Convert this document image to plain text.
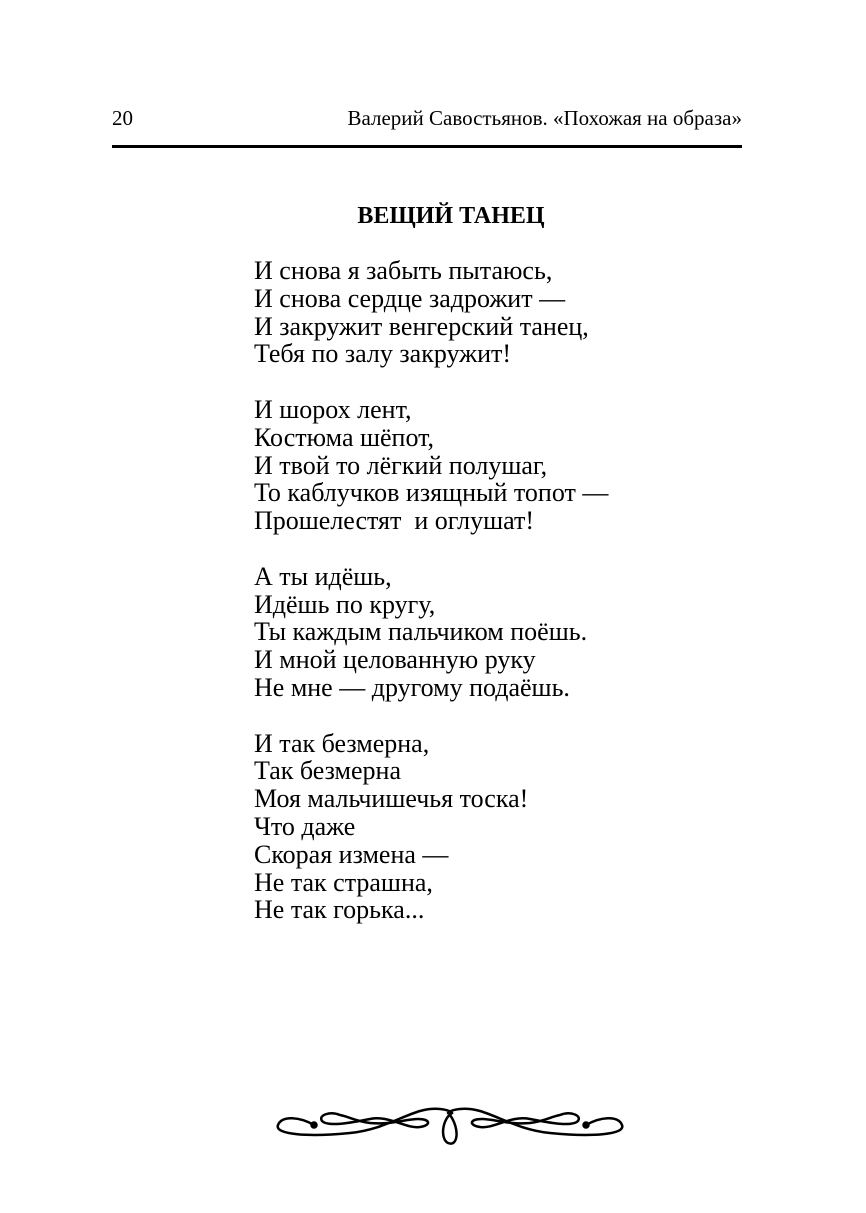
20	Валерий Савостьянов. «Похожая на образа»
ВЕЩИЙ ТАНЕЦ
И снова я забыть пытаюсь,
И снова сердце задрожит —
И закружит венгерский танец,
Тебя по залу закружит!
И шорох лент,
Костюма шёпот,
И твой то лёгкий полушаг,
То каблучков изящный топот —
Прошелестят  и оглушат!
А ты идёшь,
Идёшь по кругу,
Ты каждым пальчиком поёшь.
И мной целованную руку
Не мне — другому подаёшь.
И так безмерна,
Так безмерна
Моя мальчишечья тоска!
Что даже
Скорая измена —
Не так страшна,
Не так горька...
